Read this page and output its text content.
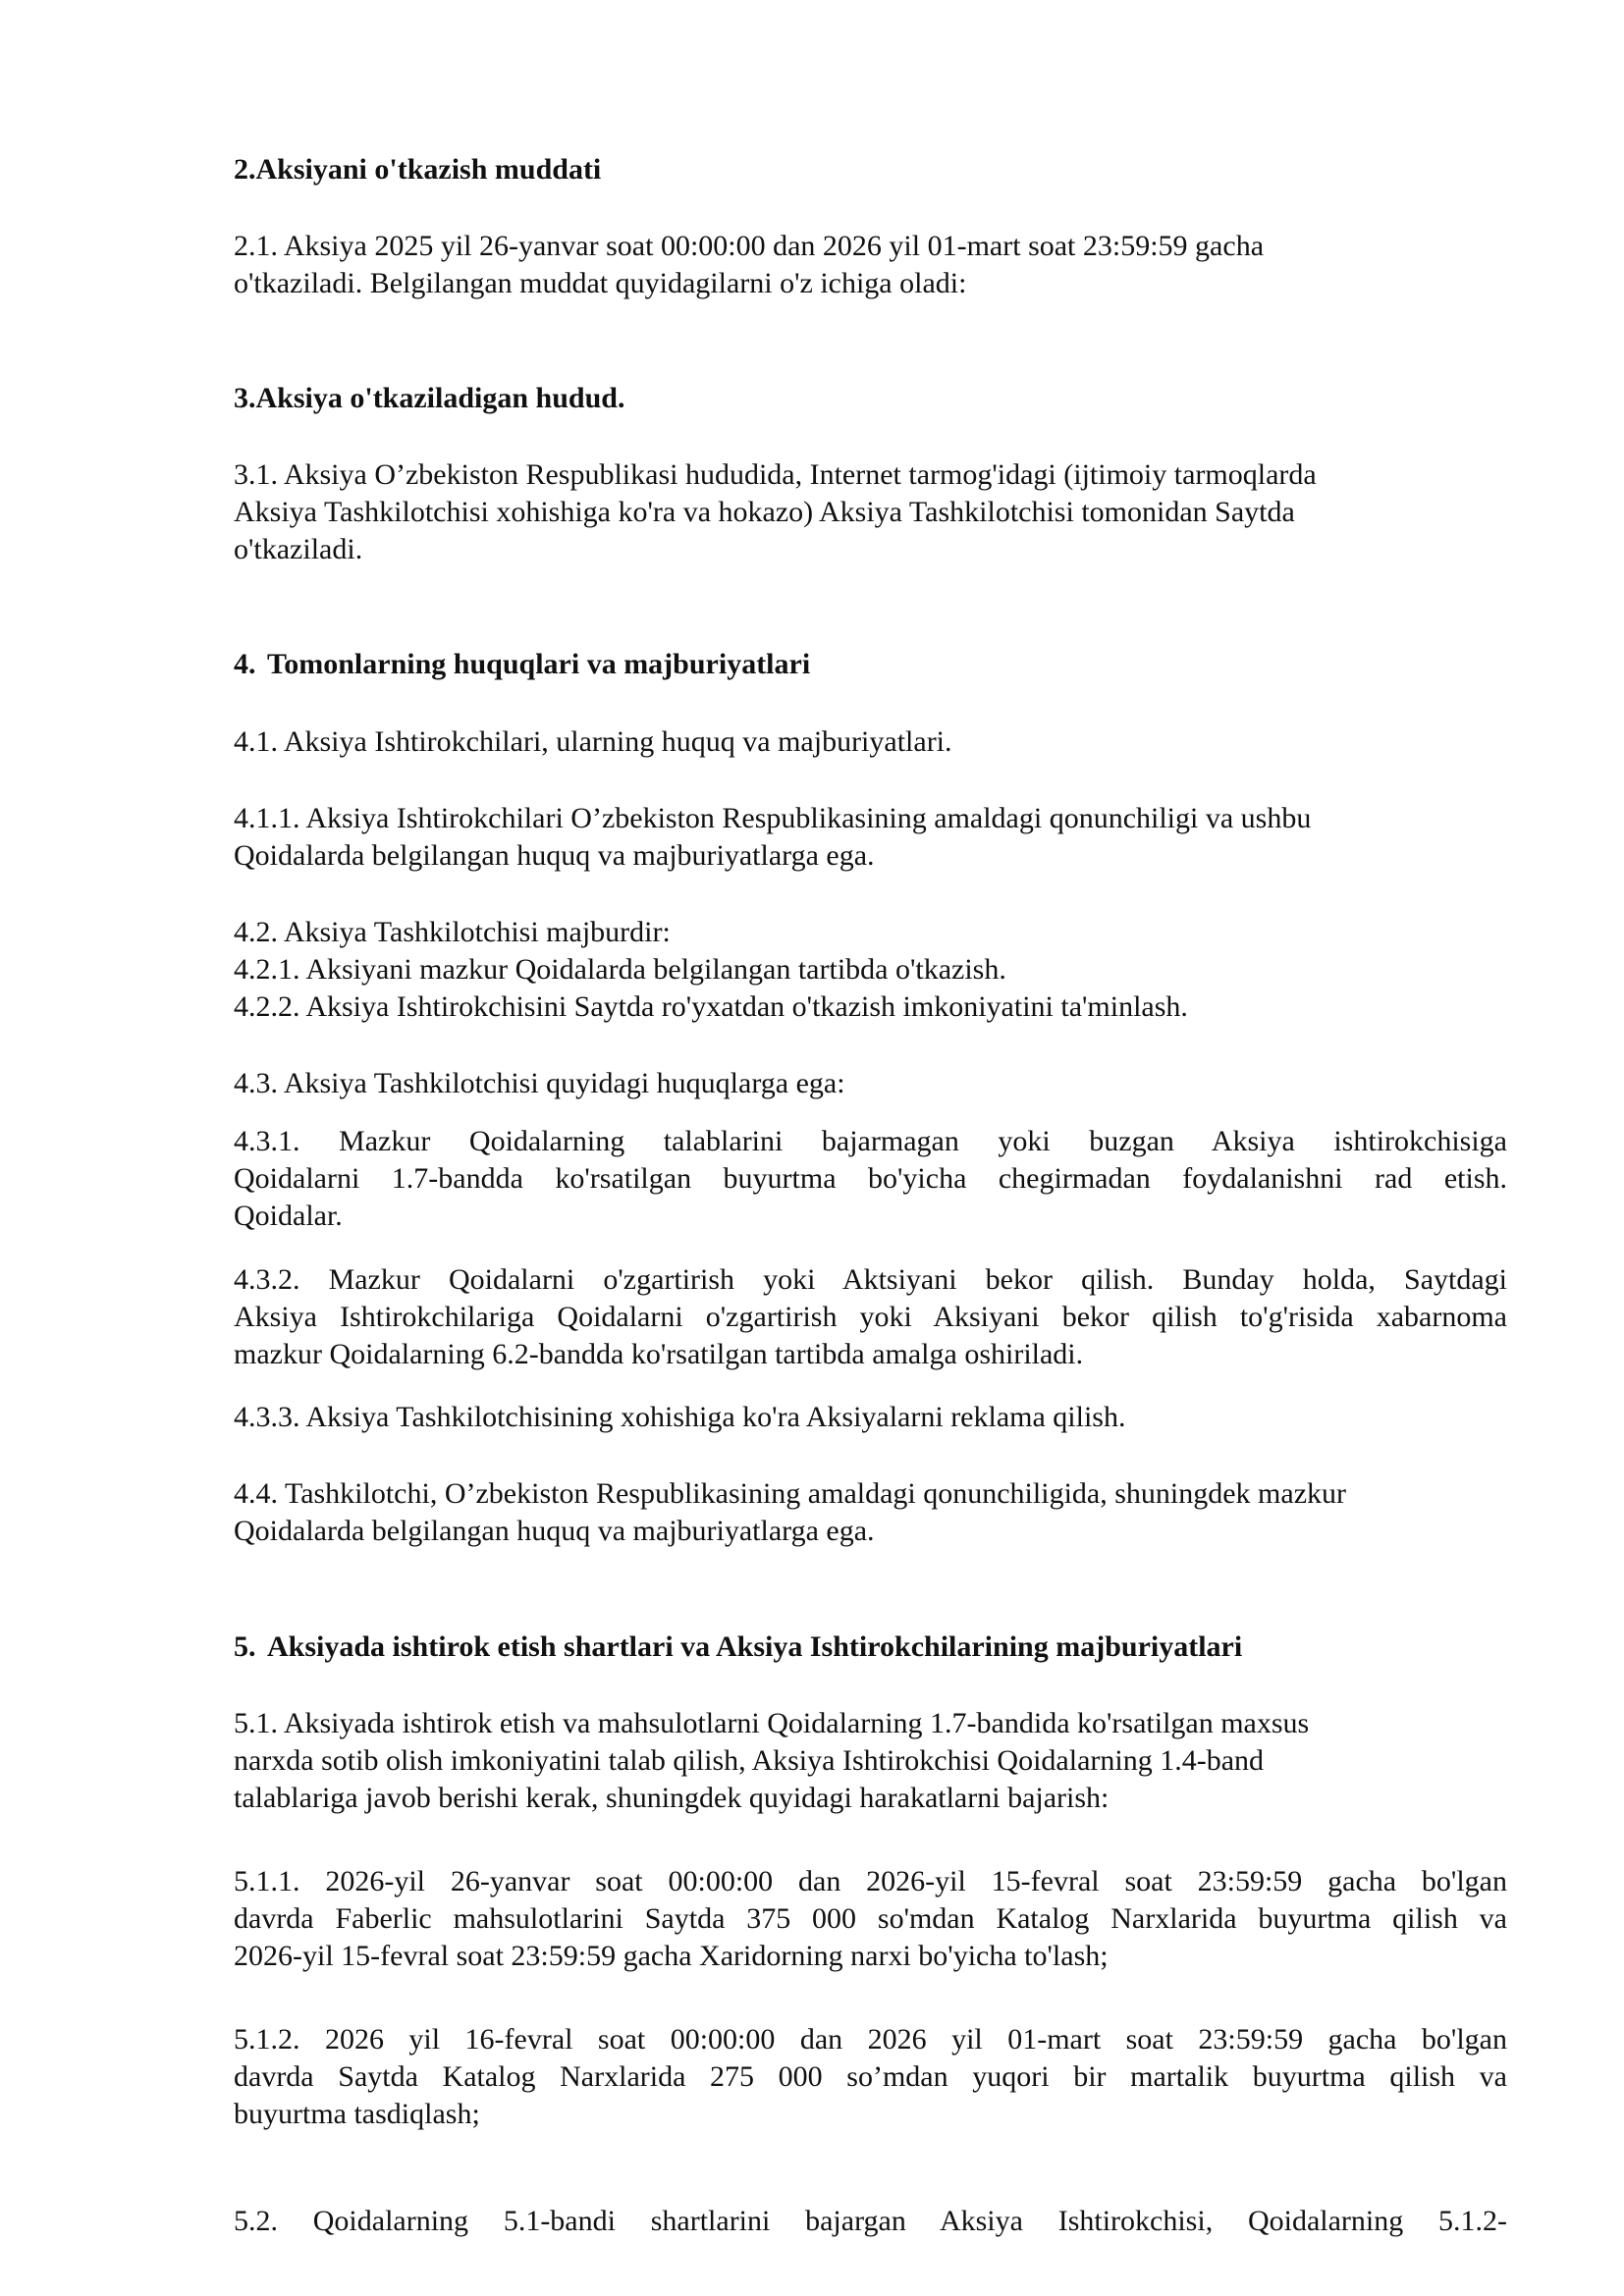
2.Aksiyani o'tkazish muddati
2.1. Aksiya 2025 yil 26-yanvar soat 00:00:00 dan 2026 yil 01-mart soat 23:59:59 gacha
o'tkaziladi. Belgilangan muddat quyidagilarni o'z ichiga oladi:
3.Aksiya o'tkaziladigan hudud.
3.1. Aksiya O’zbekiston Respublikasi hududida, Internet tarmog'idagi (ijtimoiy tarmoqlarda
Aksiya Tashkilotchisi xohishiga ko'ra va hokazo) Aksiya Tashkilotchisi tomonidan Saytda
o'tkaziladi.
4. Tomonlarning huquqlari va majburiyatlari
4.1. Aksiya Ishtirokchilari, ularning huquq va majburiyatlari.
4.1.1. Aksiya Ishtirokchilari O’zbekiston Respublikasining amaldagi qonunchiligi va ushbu
Qoidalarda belgilangan huquq va majburiyatlarga ega.
4.2. Aksiya Tashkilotchisi majburdir:
4.2.1. Aksiyani mazkur Qoidalarda belgilangan tartibda o'tkazish.
4.2.2. Aksiya Ishtirokchisini Saytda ro'yxatdan o'tkazish imkoniyatini ta'minlash.
4.3. Aksiya Tashkilotchisi quyidagi huquqlarga ega:
4.3.1. Mazkur Qoidalarning talablarini bajarmagan yoki buzgan Aksiya ishtirokchisiga
Qoidalarni 1.7-bandda ko'rsatilgan buyurtma bo'yicha chegirmadan foydalanishni rad etish.
Qoidalar.
4.3.2. Mazkur Qoidalarni o'zgartirish yoki Aktsiyani bekor qilish. Bunday holda, Saytdagi
Aksiya Ishtirokchilariga Qoidalarni o'zgartirish yoki Aksiyani bekor qilish to'g'risida xabarnoma
mazkur Qoidalarning 6.2-bandda ko'rsatilgan tartibda amalga oshiriladi.
4.3.3. Aksiya Tashkilotchisining xohishiga ko'ra Aksiyalarni reklama qilish.
4.4. Tashkilotchi, O’zbekiston Respublikasining amaldagi qonunchiligida, shuningdek mazkur
Qoidalarda belgilangan huquq va majburiyatlarga ega.
5. Aksiyada ishtirok etish shartlari va Aksiya Ishtirokchilarining majburiyatlari
5.1. Aksiyada ishtirok etish va mahsulotlarni Qoidalarning 1.7-bandida ko'rsatilgan maxsus
narxda sotib olish imkoniyatini talab qilish, Aksiya Ishtirokchisi Qoidalarning 1.4-band
talablariga javob berishi kerak, shuningdek quyidagi harakatlarni bajarish:
5.1.1. 2026-yil 26-yanvar soat 00:00:00 dan 2026-yil 15-fevral soat 23:59:59 gacha bo'lgan
davrda Faberlic mahsulotlarini Saytda 375 000 so'mdan Katalog Narxlarida buyurtma qilish va
2026-yil 15-fevral soat 23:59:59 gacha Xaridorning narxi bo'yicha to'lash;
5.1.2. 2026 yil 16-fevral soat 00:00:00 dan 2026 yil 01-mart soat 23:59:59 gacha bo'lgan
davrda Saytda Katalog Narxlarida 275 000 so’mdan yuqori bir martalik buyurtma qilish va
buyurtma tasdiqlash;
5.2. Qoidalarning 5.1-bandi shartlarini bajargan Aksiya Ishtirokchisi, Qoidalarning 5.1.2-
